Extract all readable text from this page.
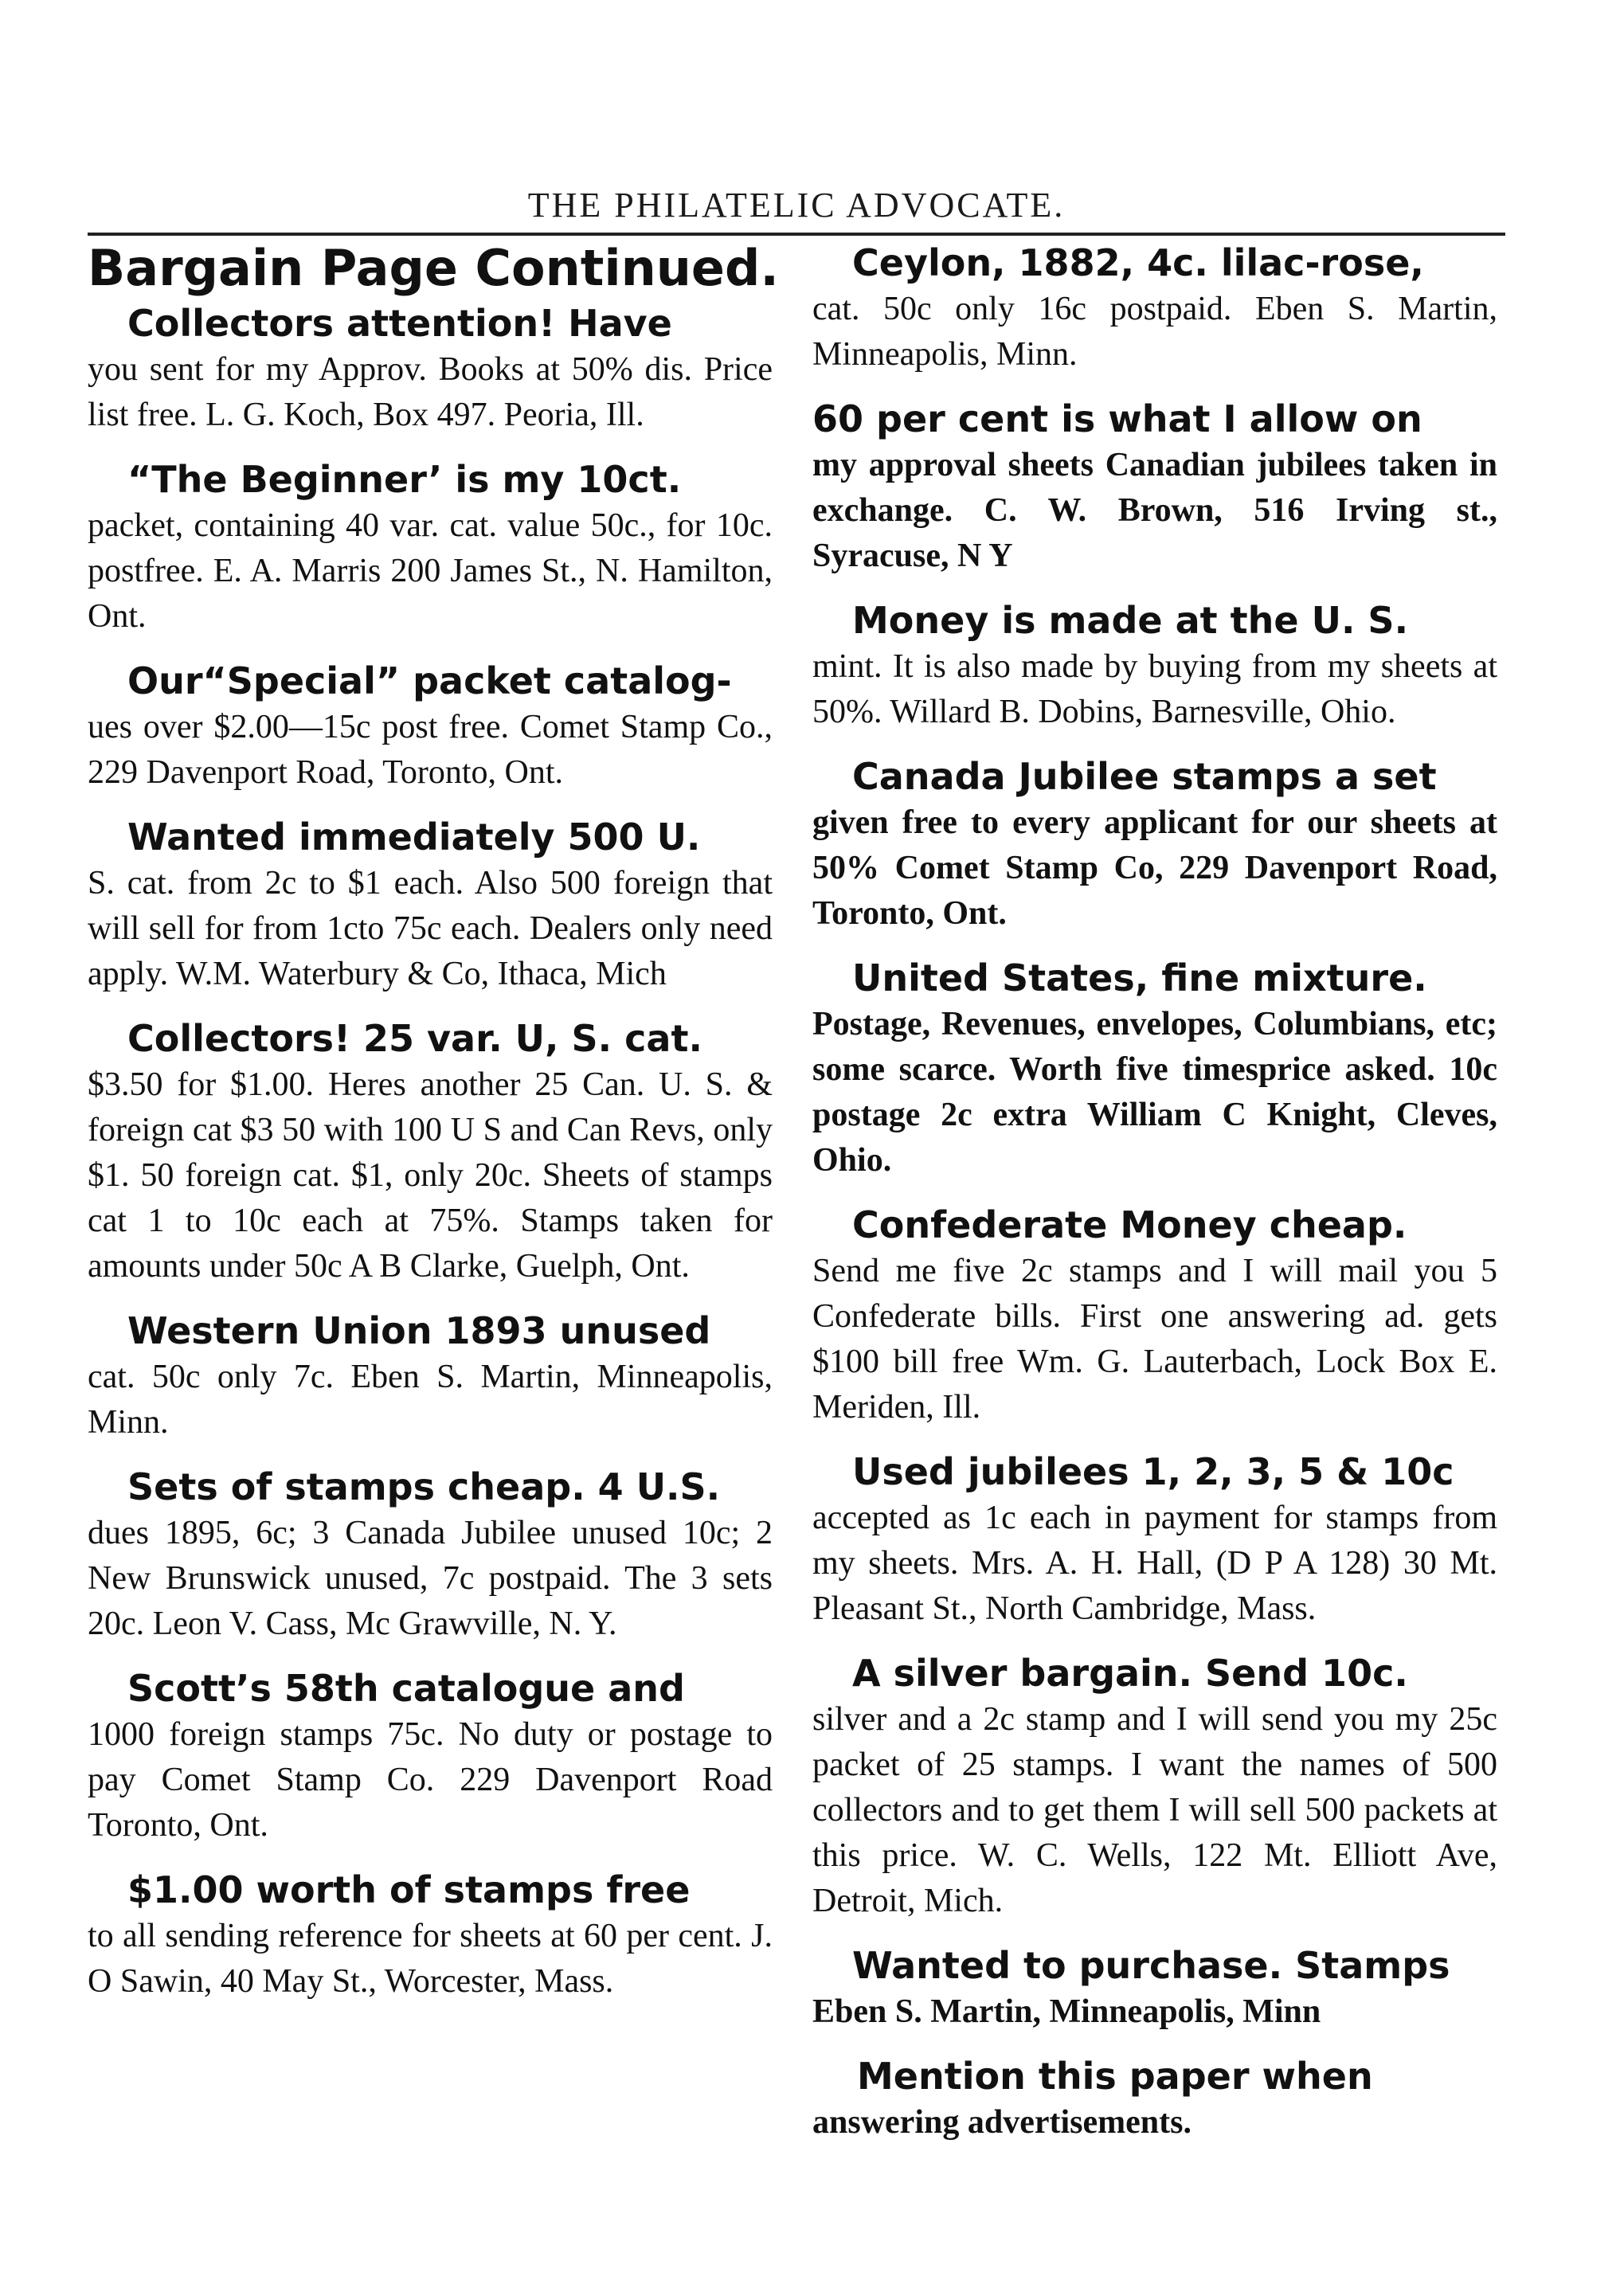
THE PHILATELIC ADVOCATE.
Bargain Page Continued.
Collectors attention! Have
you sent for my Approv. Books at 50% dis. Price list free. L. G. Koch, Box 497. Peoria, Ill.
“The Beginner’ is my 10ct.
packet, containing 40 var. cat. value 50c., for 10c. postfree. E. A. Marris 200 James St., N. Hamilton, Ont.
Our“Special” packet catalog-
ues over $2.00—15c post free. Comet Stamp Co., 229 Davenport Road, Toronto, Ont.
Wanted immediately 500 U.
S. cat. from 2c to $1 each. Also 500 foreign that will sell for from 1cto 75c each. Dealers only need apply. W.M. Waterbury & Co, Ithaca, Mich
Collectors! 25 var. U, S. cat.
$3.50 for $1.00. Heres another 25 Can. U. S. & foreign cat $3 50 with 100 U S and Can Revs, only $1. 50 foreign cat. $1, only 20c. Sheets of stamps cat 1 to 10c each at 75%. Stamps taken for amounts under 50c A B Clarke, Guelph, Ont.
Western Union 1893 unused
cat. 50c only 7c. Eben S. Martin, Minneapolis, Minn.
Sets of stamps cheap. 4 U.S.
dues 1895, 6c; 3 Canada Jubilee unused 10c; 2 New Brunswick unused, 7c postpaid. The 3 sets 20c. Leon V. Cass, Mc Grawville, N. Y.
Scott’s 58th catalogue and
1000 foreign stamps 75c. No duty or postage to pay Comet Stamp Co. 229 Davenport Road Toronto, Ont.
$1.00 worth of stamps free
to all sending reference for sheets at 60 per cent. J. O Sawin, 40 May St., Worcester, Mass.
Ceylon, 1882, 4c. lilac-rose,
cat. 50c only 16c postpaid. Eben S. Martin, Minneapolis, Minn.
60 per cent is what I allow on
my approval sheets Canadian jubilees taken in exchange. C. W. Brown, 516 Irving st., Syracuse, N Y
Money is made at the U. S.
mint. It is also made by buying from my sheets at 50%. Willard B. Dobins, Barnesville, Ohio.
Canada Jubilee stamps a set
given free to every applicant for our sheets at 50% Comet Stamp Co, 229 Davenport Road, Toronto, Ont.
United States, fine mixture.
Postage, Revenues, envelopes, Columbians, etc; some scarce. Worth five timesprice asked. 10c postage 2c extra William C Knight, Cleves, Ohio.
Confederate Money cheap.
Send me five 2c stamps and I will mail you 5 Confederate bills. First one answering ad. gets $100 bill free Wm. G. Lauterbach, Lock Box E. Meriden, Ill.
Used jubilees 1, 2, 3, 5 & 10c
accepted as 1c each in payment for stamps from my sheets. Mrs. A. H. Hall, (D P A 128) 30 Mt. Pleasant St., North Cambridge, Mass.
A silver bargain. Send 10c.
silver and a 2c stamp and I will send you my 25c packet of 25 stamps. I want the names of 500 collectors and to get them I will sell 500 packets at this price. W. C. Wells, 122 Mt. Elliott Ave, Detroit, Mich.
Wanted to purchase. Stamps
Eben S. Martin, Minneapolis, Minn
Mention this paper when
answering advertisements.
